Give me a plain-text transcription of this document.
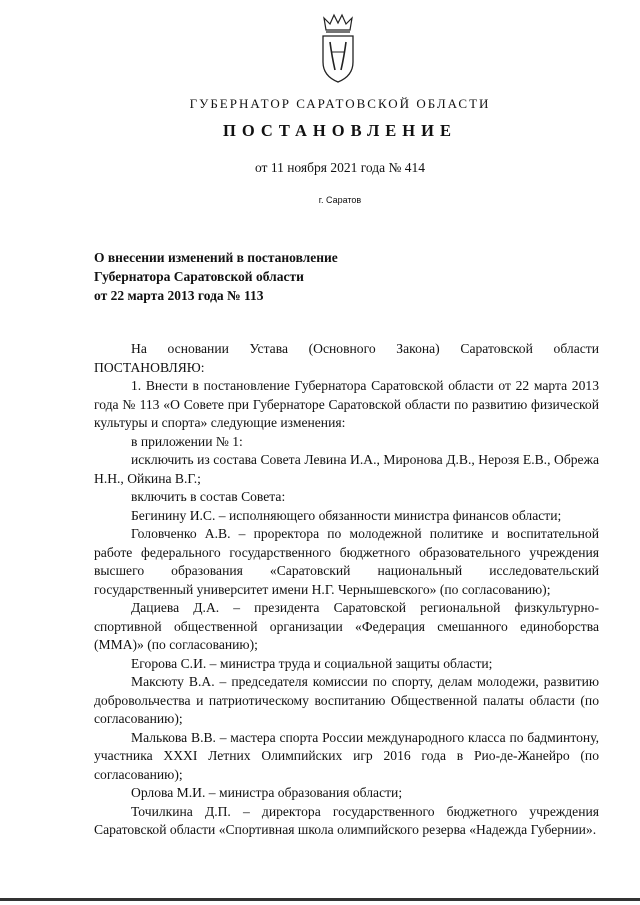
ГУБЕРНАТОР САРАТОВСКОЙ ОБЛАСТИ
ПОСТАНОВЛЕНИЕ
от 11 ноября 2021 года № 414
г. Саратов
О внесении изменений в постановление
Губернатора Саратовской области
от 22 марта 2013 года № 113

На основании Устава (Основного Закона) Саратовской области ПОСТАНОВЛЯЮ:

1. Внести в постановление Губернатора Саратовской области от 22 марта 2013 года № 113 «О Совете при Губернаторе Саратовской области по развитию физической культуры и спорта» следующие изменения:

в приложении № 1:

исключить из состава Совета Левина И.А., Миронова Д.В., Нерозя Е.В., Обрежа Н.Н., Ойкина В.Г.;

включить в состав Совета:

Бегинину И.С. – исполняющего обязанности министра финансов области;

Головченко А.В. – проректора по молодежной политике и воспитательной работе федерального государственного бюджетного образовательного учреждения высшего образования «Саратовский национальный исследовательский государственный университет имени Н.Г. Чернышевского» (по согласованию);

Дациева Д.А. – президента Саратовской региональной физкультурно-спортивной общественной организации «Федерация смешанного единоборства (ММА)» (по согласованию);

Егорова С.И. – министра труда и социальной защиты области;

Максюту В.А. – председателя комиссии по спорту, делам молодежи, развитию добровольчества и патриотическому воспитанию Общественной палаты области (по согласованию);

Малькова В.В. – мастера спорта России международного класса по бадминтону, участника XXXI Летних Олимпийских игр 2016 года в Рио-де-Жанейро (по согласованию);

Орлова М.И. – министра образования области;

Точилкина Д.П. – директора государственного бюджетного учреждения Саратовской области «Спортивная школа олимпийского резерва «Надежда Губернии».
